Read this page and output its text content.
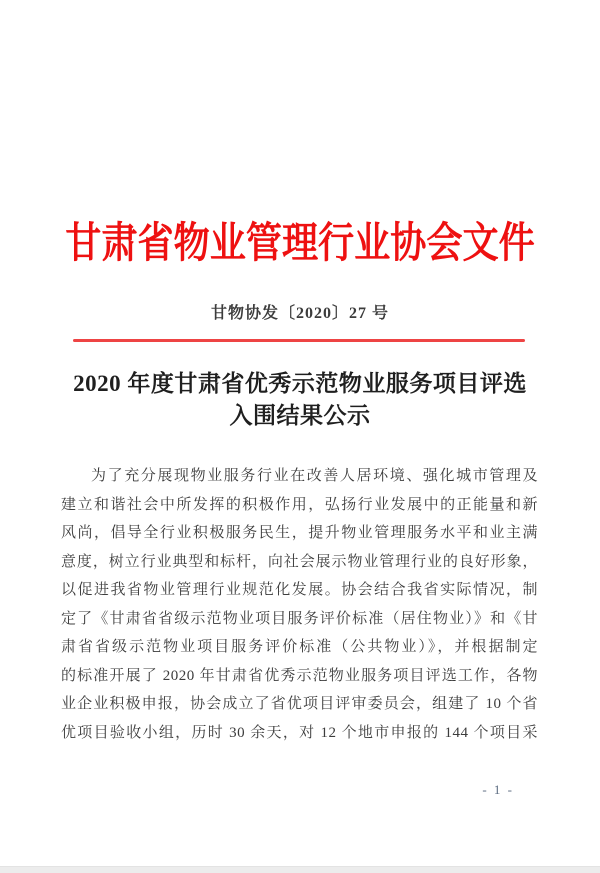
甘肃省物业管理行业协会文件
甘物协发〔2020〕27 号
2020 年度甘肃省优秀示范物业服务项目评选
入围结果公示
为了充分展现物业服务行业在改善人居环境、强化城市管理及
建立和谐社会中所发挥的积极作用，弘扬行业发展中的正能量和新
风尚，倡导全行业积极服务民生，提升物业管理服务水平和业主满
意度，树立行业典型和标杆，向社会展示物业管理行业的良好形象，
以促进我省物业管理行业规范化发展。协会结合我省实际情况，制
定了《甘肃省省级示范物业项目服务评价标准（居住物业）》和《甘
肃省省级示范物业项目服务评价标准（公共物业）》，并根据制定
的标准开展了 2020 年甘肃省优秀示范物业服务项目评选工作，各物
业企业积极申报，协会成立了省优项目评审委员会，组建了 10 个省
优项目验收小组，历时 30 余天，对 12 个地市申报的 144 个项目采
- 1 -
